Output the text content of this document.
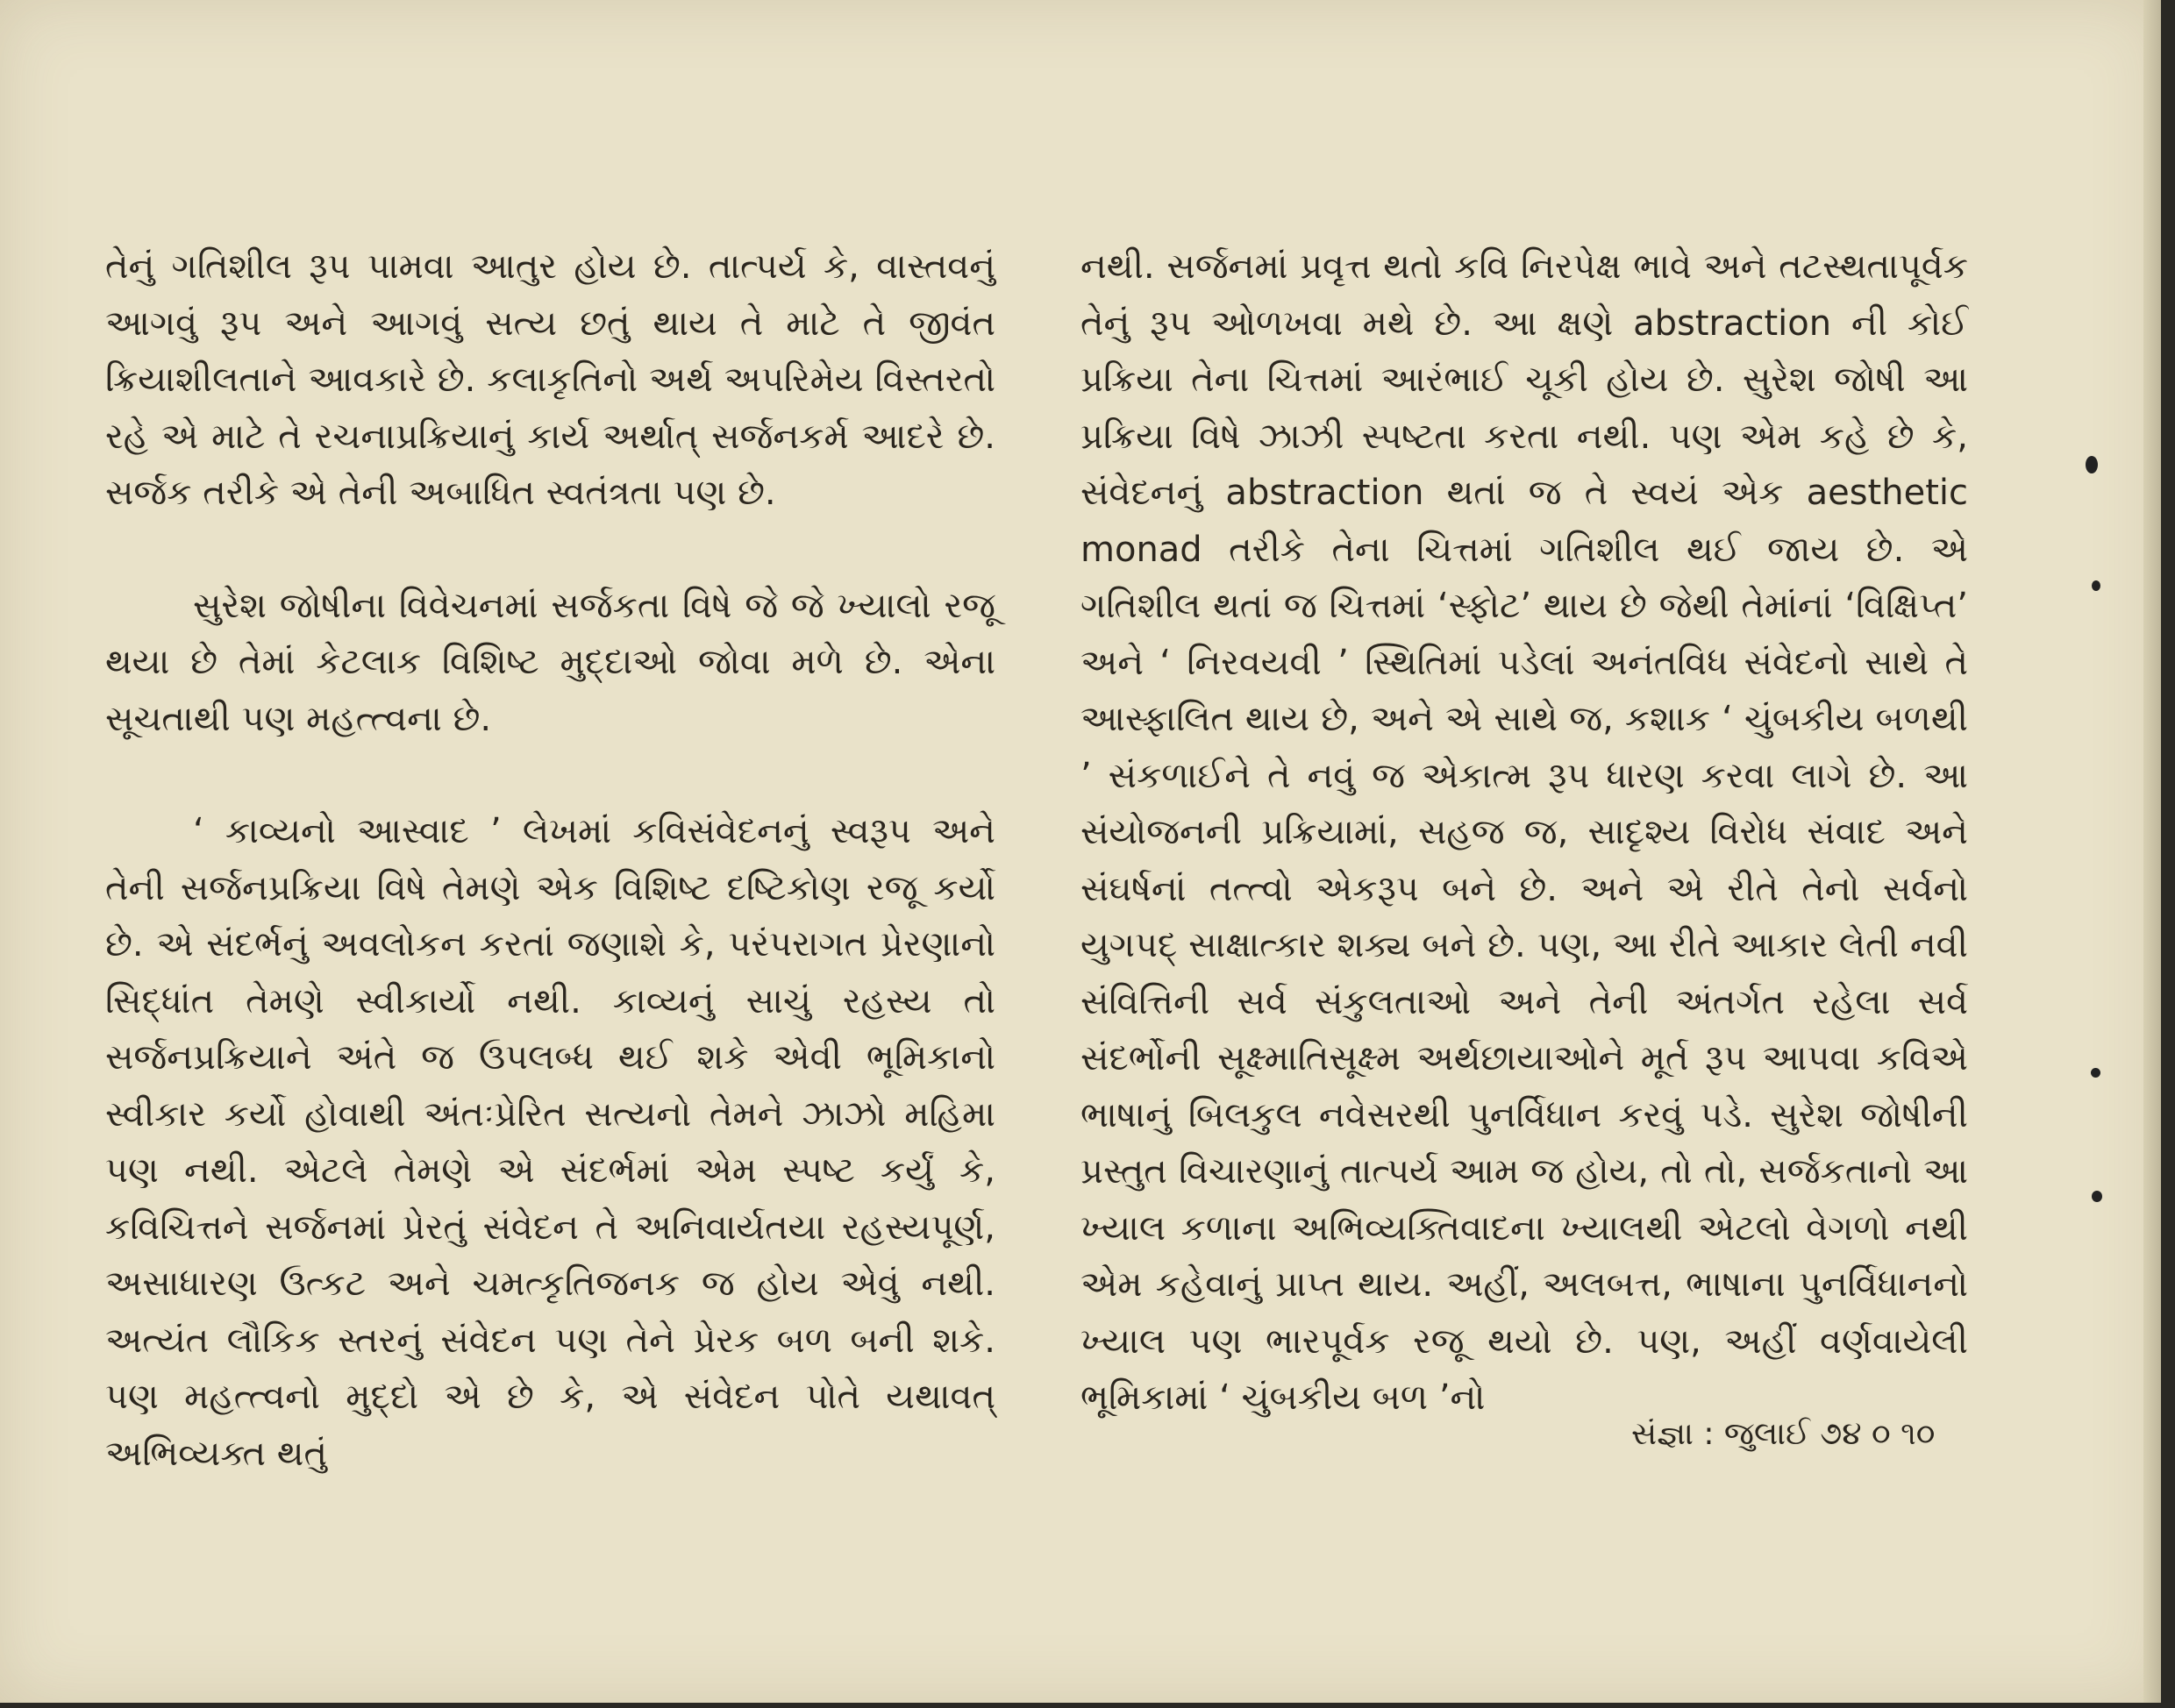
તેનું ગતિશીલ રૂપ પામવા આતુર હોય છે. તાત્પર્ય કે, વાસ્તવનું આગવું રૂપ અને આગવું સત્ય છતું થાય તે માટે તે જીવંત ક્રિયાશીલતાને આવકારે છે. કલાકૃતિનો અર્થ અપરિમેય વિસ્તરતો રહે એ માટે તે રચનાપ્રક્રિયાનું કાર્ય અર્થાત્ સર્જનકર્મ આદરે છે. સર્જક તરીકે એ તેની અબાધિત સ્વતંત્રતા પણ છે.

સુરેશ જોષીના વિવેચનમાં સર્જકતા વિષે જે જે ખ્યાલો રજૂ થયા છે તેમાં કેટલાક વિશિષ્ટ મુદ્દાઓ જોવા મળે છે. એના સૂચતાથી પણ મહત્ત્વના છે.

‘ કાવ્યનો આસ્વાદ ’ લેખમાં કવિસંવેદનનું સ્વરૂપ અને તેની સર્જનપ્રક્રિયા વિષે તેમણે એક વિશિષ્ટ દષ્ટિકોણ રજૂ કર્યો છે. એ સંદર્ભનું અવલોકન કરતાં જણાશે કે, પરંપરાગત પ્રેરણાનો સિદ્ધાંત તેમણે સ્વીકાર્યો નથી. કાવ્યનું સાચું રહસ્ય તો સર્જનપ્રક્રિયાને અંતે જ ઉપલબ્ધ થઈ શકે એવી ભૂમિકાનો સ્વીકાર કર્યો હોવાથી અંતઃપ્રેરિત સત્યનો તેમને ઝાઝો મહિમા પણ નથી. એટલે તેમણે એ સંદર્ભમાં એમ સ્પષ્ટ કર્યું કે, કવિચિત્તને સર્જનમાં પ્રેરતું સંવેદન તે અનિવાર્યતયા રહસ્યપૂર્ણ, અસાધારણ ઉત્કટ અને ચમત્કૃતિજનક જ હોય એવું નથી. અત્યંત લૌકિક સ્તરનું સંવેદન પણ તેને પ્રેરક બળ બની શકે. પણ મહત્ત્વનો મુદ્દો એ છે કે, એ સંવેદન પોતે યથાવત્ અભિવ્યક્ત થતું

નથી. સર્જનમાં પ્રવૃત્ત થતો કવિ નિરપેક્ષ ભાવે અને તટસ્થતાપૂર્વક તેનું રૂપ ઓળખવા મથે છે. આ ક્ષણે abstraction ની કોઈ પ્રક્રિયા તેના ચિત્તમાં આરંભાઈ ચૂકી હોય છે. સુરેશ જોષી આ પ્રક્રિયા વિષે ઝાઝી સ્પષ્ટતા કરતા નથી. પણ એમ કહે છે કે, સંવેદનનું abstraction થતાં જ તે સ્વયં એક aesthetic monad તરીકે તેના ચિત્તમાં ગતિશીલ થઈ જાય છે. એ ગતિશીલ થતાં જ ચિત્તમાં ‘સ્ફોટ’ થાય છે જેથી તેમાંનાં ‘વિક્ષિપ્ત’ અને ‘ નિરવયવી ’ સ્થિતિમાં પડેલાં અનંતવિધ સંવેદનો સાથે તે આસ્ફાલિત થાય છે, અને એ સાથે જ, કશાક ‘ ચુંબકીય બળથી ’ સંકળાઈને તે નવું જ એકાત્મ રૂપ ધારણ કરવા લાગે છે. આ સંયોજનની પ્રક્રિયામાં, સહજ જ, સાદૃશ્ય વિરોધ સંવાદ અને સંઘર્ષનાં તત્ત્વો એકરૂપ બને છે. અને એ રીતે તેનો સર્વનો યુગપદ્ સાક્ષાત્કાર શક્ય બને છે. પણ, આ રીતે આકાર લેતી નવી સંવિત્તિની સર્વ સંકુલતાઓ અને તેની અંતર્ગત રહેલા સર્વ સંદર્ભોની સૂક્ષ્માતિસૂક્ષ્મ અર્થછાયાઓને મૂર્ત રૂપ આપવા કવિએ ભાષાનું બિલકુલ નવેસરથી પુનર્વિધાન કરવું પડે. સુરેશ જોષીની પ્રસ્તુત વિચારણાનું તાત્પર્ય આમ જ હોય, તો તો, સર્જકતાનો આ ખ્યાલ કળાના અભિવ્યક્તિવાદના ખ્યાલથી એટલો વેગળો નથી એમ કહેવાનું પ્રાપ્ત થાય. અહીં, અલબત્ત, ભાષાના પુનર્વિધાનનો ખ્યાલ પણ ભારપૂર્વક રજૂ થયો છે. પણ, અહીં વર્ણવાયેલી ભૂમિકામાં ‘ ચુંબકીય બળ ’નો

સંજ્ઞા : જુલાઈ ૭૪ ૦ ૧૦
